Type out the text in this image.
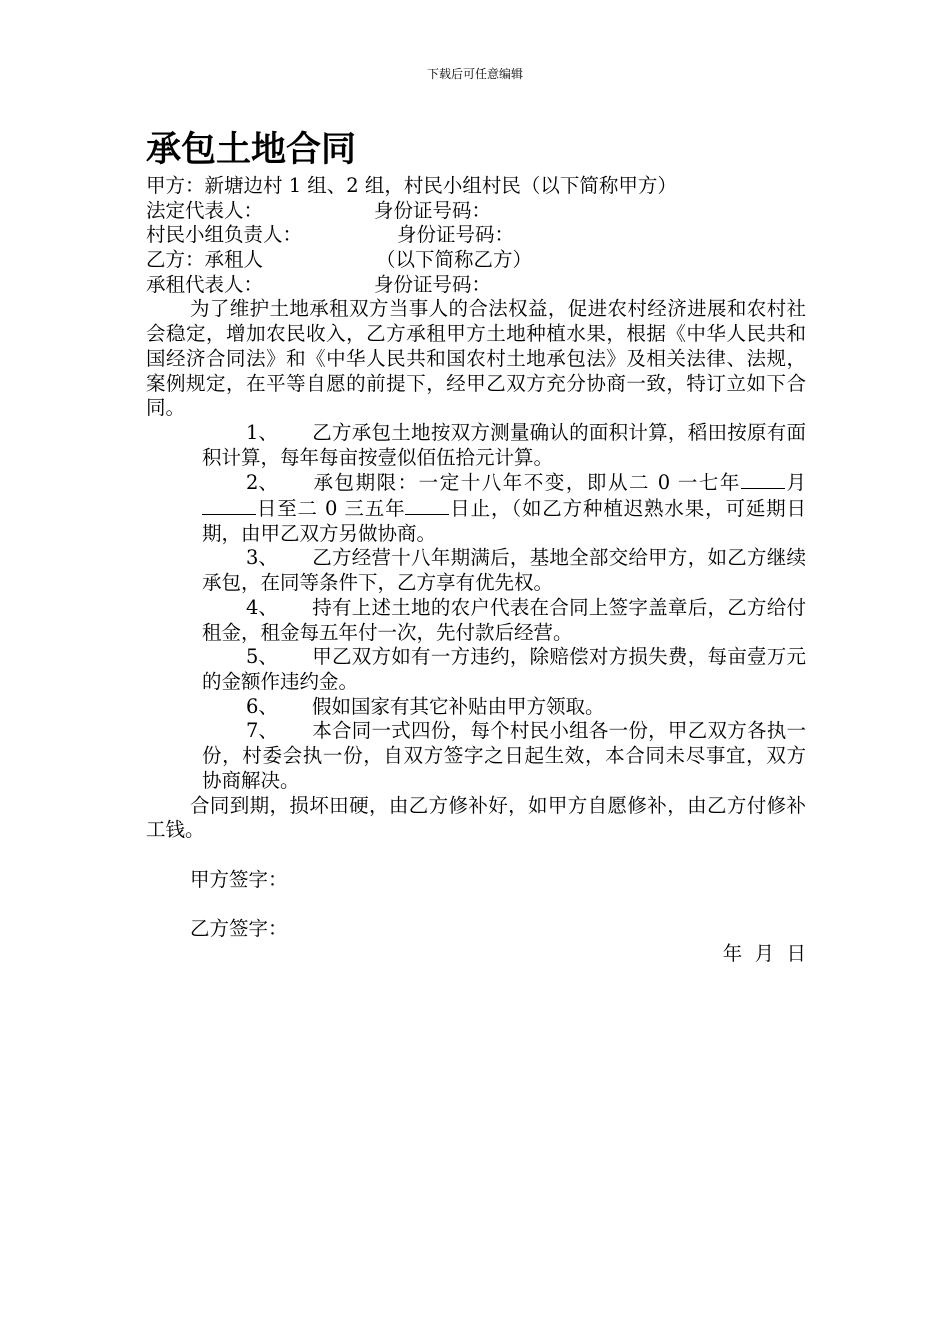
下载后可任意编辑
承包土地合同
甲方：新塘边村 1 组、2 组，村民小组村民（以下简称甲方）
法定代表人：	身份证号码：
村民小组负责人：	身份证号码：
乙方：承租人	（以下简称乙方）
承租代表人：	身份证号码：
为了维护土地承租双方当事人的合法权益，促进农村经济进展和农村社会稳定，增加农民收入，乙方承租甲方土地种植水果，根据《中华人民共和国经济合同法》和《中华人民共和国农村土地承包法》及相关法律、法规，案例规定，在平等自愿的前提下，经甲乙双方充分协商一致，特订立如下合同。
1、 乙方承包土地按双方测量确认的面积计算，稻田按原有面积计算，每年每亩按壹似佰伍拾元计算。
2、 承包期限：一定十八年不变，即从二 0 一七年 月日至二 0 三五年 日止，（如乙方种植迟熟水果，可延期日期，由甲乙双方另做协商。
3、 乙方经营十八年期满后，基地全部交给甲方，如乙方继续承包，在同等条件下，乙方享有优先权。
4、 持有上述土地的农户代表在合同上签字盖章后，乙方给付租金，租金每五年付一次，先付款后经营。
5、 甲乙双方如有一方违约，除赔偿对方损失费，每亩壹万元的金额作违约金。
6、 假如国家有其它补贴由甲方领取。
7、 本合同一式四份，每个村民小组各一份，甲乙双方各执一份，村委会执一份，自双方签字之日起生效，本合同未尽事宜，双方协商解决。
合同到期，损坏田硬，由乙方修补好，如甲方自愿修补，由乙方付修补工钱。
甲方签字：
乙方签字：
年  月  日
